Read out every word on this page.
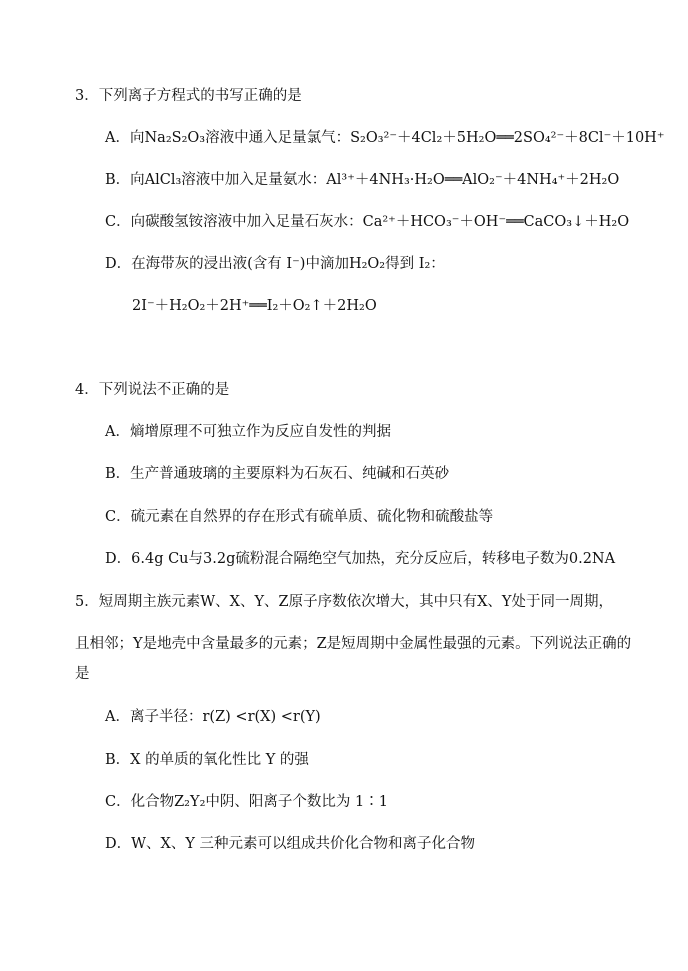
3．下列离子方程式的书写正确的是
A．向Na₂S₂O₃溶液中通入足量氯气：S₂O₃²⁻＋4Cl₂＋5H₂O══2SO₄²⁻＋8Cl⁻＋10H⁺
B．向AlCl₃溶液中加入足量氨水：Al³⁺＋4NH₃·H₂O══AlO₂⁻＋4NH₄⁺＋2H₂O
C．向碳酸氢铵溶液中加入足量石灰水：Ca²⁺＋HCO₃⁻＋OH⁻══CaCO₃↓＋H₂O
D．在海带灰的浸出液(含有 I⁻)中滴加H₂O₂得到 I₂：
2I⁻＋H₂O₂＋2H⁺══I₂＋O₂↑＋2H₂O
4．下列说法不正确的是
A．熵增原理不可独立作为反应自发性的判据
B．生产普通玻璃的主要原料为石灰石、纯碱和石英砂
C．硫元素在自然界的存在形式有硫单质、硫化物和硫酸盐等
D．6.4g Cu与3.2g硫粉混合隔绝空气加热，充分反应后，转移电子数为0.2NA
5．短周期主族元素W、X、Y、Z原子序数依次增大，其中只有X、Y处于同一周期，
且相邻；Y是地壳中含量最多的元素；Z是短周期中金属性最强的元素。下列说法正确的
是
A．离子半径：r(Z) <r(X) <r(Y)
B．X 的单质的氧化性比 Y 的强
C．化合物Z₂Y₂中阴、阳离子个数比为 1∶1
D．W、X、Y 三种元素可以组成共价化合物和离子化合物
